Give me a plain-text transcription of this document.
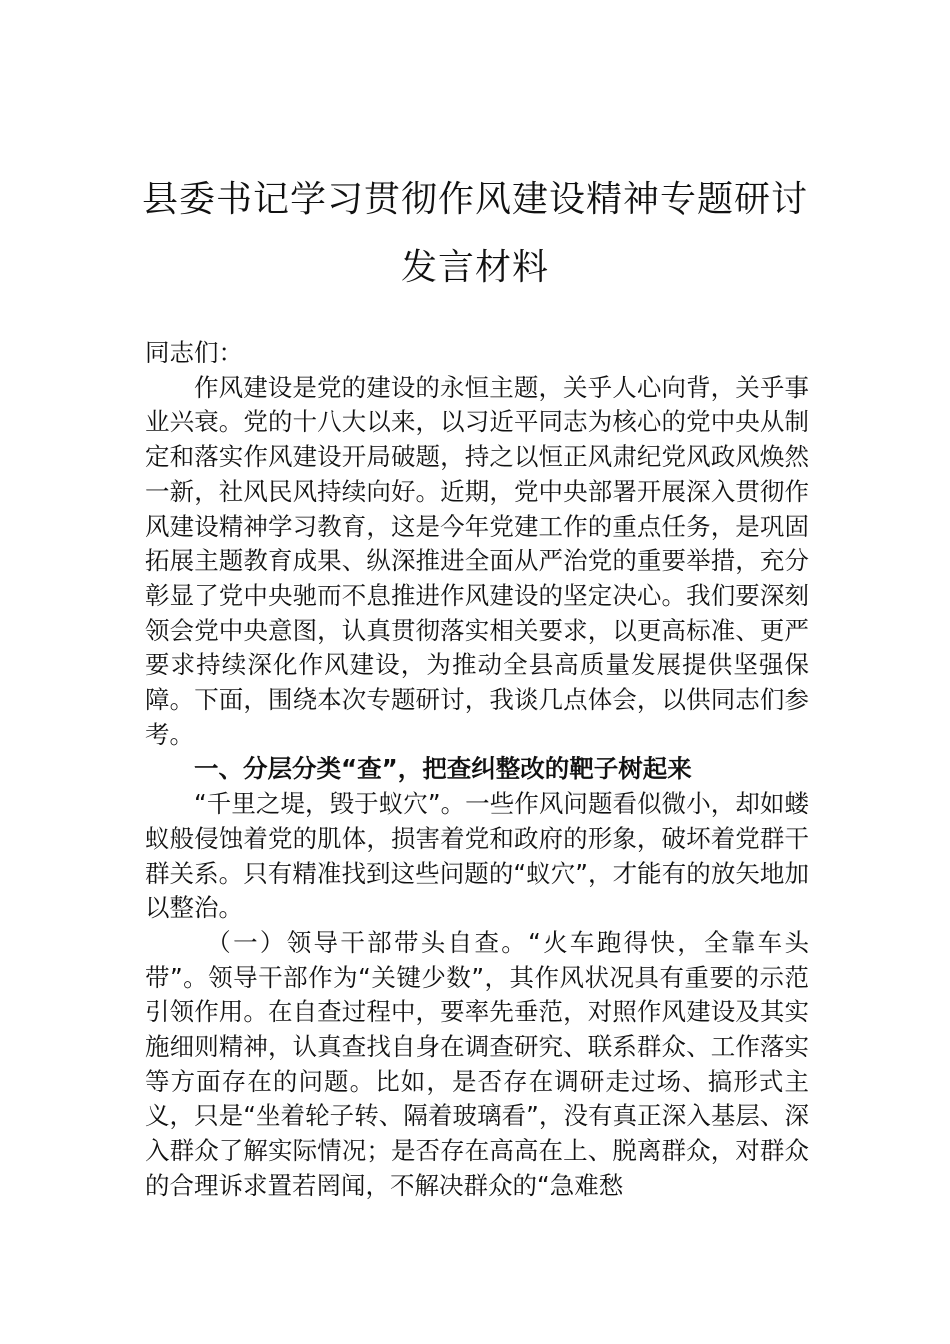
县委书记学习贯彻作风建设精神专题研讨
发言材料

同志们：

作风建设是党的建设的永恒主题，关乎人心向背，关乎事业兴衰。党的十八大以来，以习近平同志为核心的党中央从制定和落实作风建设开局破题，持之以恒正风肃纪党风政风焕然一新，社风民风持续向好。近期，党中央部署开展深入贯彻作风建设精神学习教育，这是今年党建工作的重点任务，是巩固拓展主题教育成果、纵深推进全面从严治党的重要举措，充分彰显了党中央驰而不息推进作风建设的坚定决心。我们要深刻领会党中央意图，认真贯彻落实相关要求，以更高标准、更严要求持续深化作风建设，为推动全县高质量发展提供坚强保障。下面，围绕本次专题研讨，我谈几点体会，以供同志们参考。

一、分层分类“查”，把查纠整改的靶子树起来

“千里之堤，毁于蚁穴”。一些作风问题看似微小，却如蝼蚁般侵蚀着党的肌体，损害着党和政府的形象，破坏着党群干群关系。只有精准找到这些问题的“蚁穴”，才能有的放矢地加以整治。

（一）领导干部带头自查。“火车跑得快，全靠车头带”。领导干部作为“关键少数”，其作风状况具有重要的示范引领作用。在自查过程中，要率先垂范，对照作风建设及其实施细则精神，认真查找自身在调查研究、联系群众、工作落实等方面存在的问题。比如，是否存在调研走过场、搞形式主义，只是“坐着轮子转、隔着玻璃看”，没有真正深入基层、深入群众了解实际情况；是否存在高高在上、脱离群众，对群众的合理诉求置若罔闻，不解决群众的“急难愁
